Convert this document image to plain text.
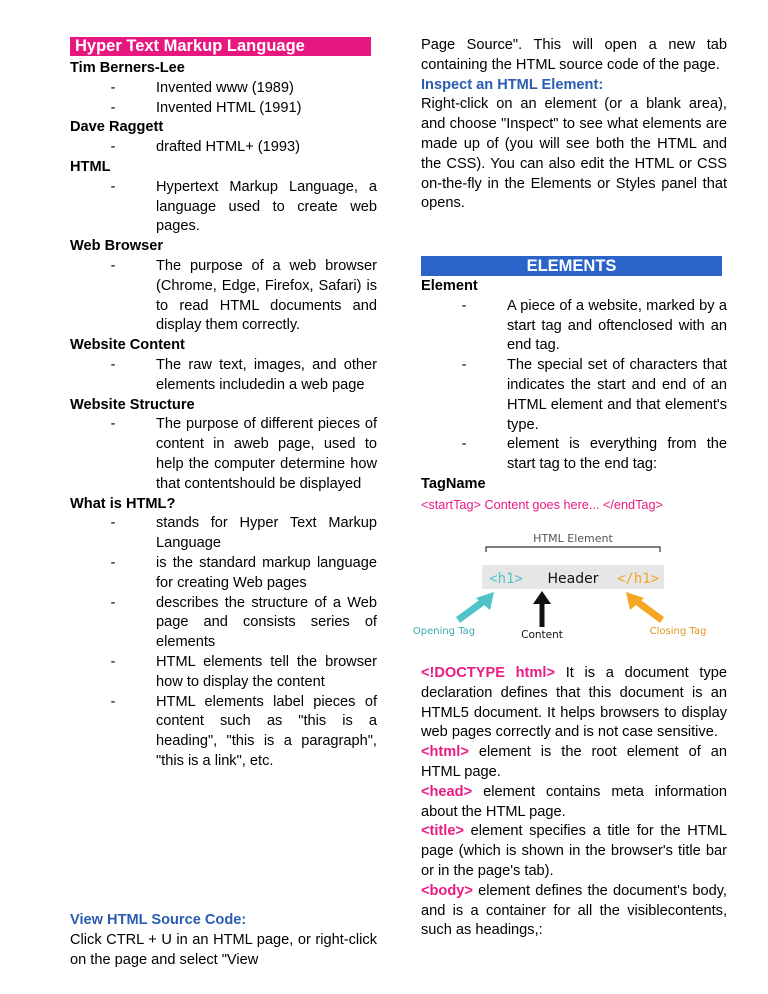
Hyper Text Markup Language
Tim Berners-Lee
-	Invented www (1989)
-	Invented HTML (1991)
Dave Raggett
-	drafted HTML+ (1993)
HTML
-	Hypertext Markup Language, a language used to create web pages.
Web Browser
-	The purpose of a web browser (Chrome, Edge, Firefox, Safari) is to read HTML documents and display them correctly.
Website Content
-	The raw text, images, and other elements includedin a web page
Website Structure
-	The purpose of different pieces of content in aweb page, used to help the computer determine how that contentshould be displayed
What is HTML?
-	stands for Hyper Text Markup Language
-	is the standard markup language for creating Web pages
-	describes the structure of a Web page and consists series of elements
-	HTML elements tell the browser how to display the content
-	HTML elements label pieces of content such as "this is a heading", "this is a paragraph", "this is a link", etc.
View HTML Source Code:
Click CTRL + U in an HTML page, or right-click on the page and select "View
Page Source". This will open a new tab containing the HTML source code of the page.
Inspect an HTML Element:
Right-click on an element (or a blank area), and choose "Inspect" to see what elements are made up of (you will see both the HTML and the CSS). You can also edit the HTML or CSS on-the-fly in the Elements or Styles panel that opens.
ELEMENTS
Element
-	A piece of a website, marked by a start tag and oftenclosed with an end tag.
-	The special set of characters that indicates the start and end of an HTML element and that element's type.
-	element is everything from the start tag to the end tag:
TagName
<startTag> Content goes here... </endTag>
HTML Element
<h1> Header </h1>
Opening Tag	Content	Closing Tag
<!DOCTYPE html> It is a document type declaration defines that this document is an HTML5 document. It helps browsers to display web pages correctly and is not case sensitive.
<html> element is the root element of an HTML page.
<head> element contains meta information about the HTML page.
<title> element specifies a title for the HTML page (which is shown in the browser's title bar or in the page's tab).
<body> element defines the document's body, and is a container for all the visiblecontents, such as headings,:
